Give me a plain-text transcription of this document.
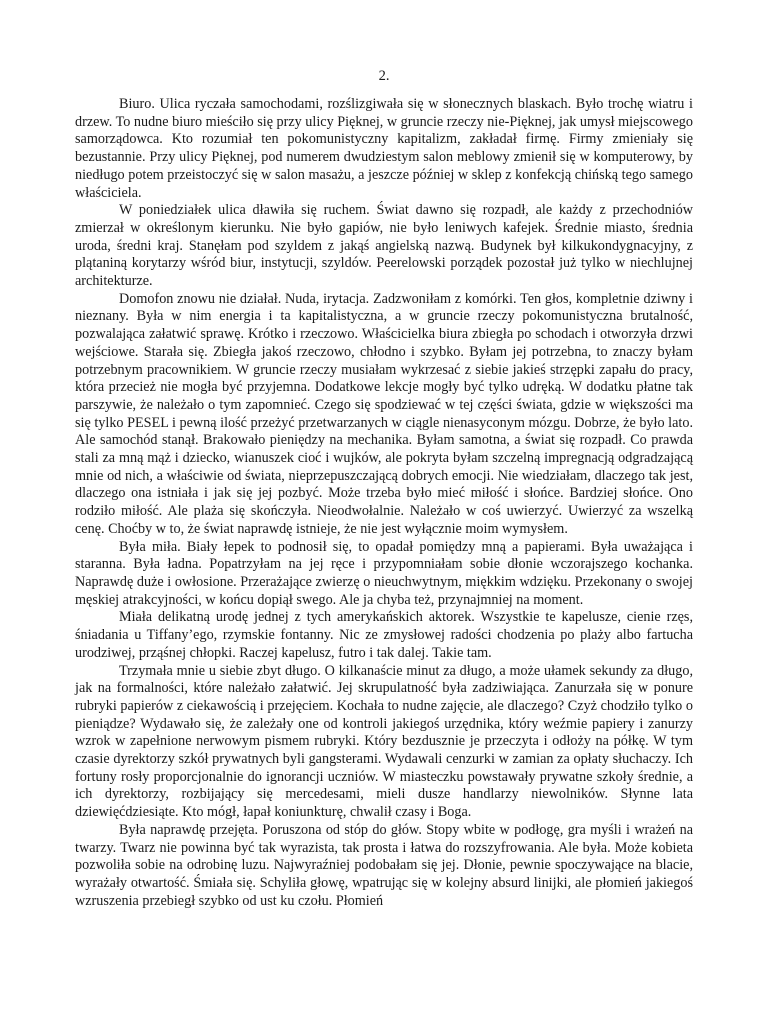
2.

Biuro. Ulica ryczała samochodami, rozślizgiwała się w słonecznych blaskach. Było trochę wiatru i drzew. To nudne biuro mieściło się przy ulicy Pięknej, w gruncie rzeczy nie-Pięknej, jak umysł miejscowego samorządowca. Kto rozumiał ten pokomunistyczny kapitalizm, zakładał firmę. Firmy zmieniały się bezustannie. Przy ulicy Pięknej, pod numerem dwudziestym salon meblowy zmienił się w komputerowy, by niedługo potem przeistoczyć się w salon masażu, a jeszcze później w sklep z konfekcją chińską tego samego właściciela.

W poniedziałek ulica dławiła się ruchem. Świat dawno się rozpadł, ale każdy z przechodniów zmierzał w określonym kierunku. Nie było gapiów, nie było leniwych kafejek. Średnie miasto, średnia uroda, średni kraj. Stanęłam pod szyldem z jakąś angielską nazwą. Budynek był kilkukondygnacyjny, z plątaniną korytarzy wśród biur, instytucji, szyldów. Peerelowski porządek pozostał już tylko w niechlujnej architekturze.

Domofon znowu nie działał. Nuda, irytacja. Zadzwoniłam z komórki. Ten głos, kompletnie dziwny i nieznany. Była w nim energia i ta kapitalistyczna, a w gruncie rzeczy pokomunistyczna brutalność, pozwalająca załatwić sprawę. Krótko i rzeczowo. Właścicielka biura zbiegła po schodach i otworzyła drzwi wejściowe. Starała się. Zbiegła jakoś rzeczowo, chłodno i szybko. Byłam jej potrzebna, to znaczy byłam potrzebnym pracownikiem. W gruncie rzeczy musiałam wykrzesać z siebie jakieś strzępki zapału do pracy, która przecież nie mogła być przyjemna. Dodatkowe lekcje mogły być tylko udręką. W dodatku płatne tak parszywie, że należało o tym zapomnieć. Czego się spodziewać w tej części świata, gdzie w większości ma się tylko PESEL i pewną ilość przeżyć przetwarzanych w ciągle nienasyconym mózgu. Dobrze, że było lato. Ale samochód stanął. Brakowało pieniędzy na mechanika. Byłam samotna, a świat się rozpadł. Co prawda stali za mną mąż i dziecko, wianuszek cioć i wujków, ale pokryta byłam szczelną impregnacją odgradzającą mnie od nich, a właściwie od świata, nieprzepuszczającą dobrych emocji. Nie wiedziałam, dlaczego tak jest, dlaczego ona istniała i jak się jej pozbyć. Może trzeba było mieć miłość i słońce. Bardziej słońce. Ono rodziło miłość. Ale plaża się skończyła. Nieodwołalnie. Należało w coś uwierzyć. Uwierzyć za wszelką cenę. Choćby w to, że świat naprawdę istnieje, że nie jest wyłącznie moim wymysłem.

Była miła. Biały łepek to podnosił się, to opadał pomiędzy mną a papierami. Była uważająca i staranna. Była ładna. Popatrzyłam na jej ręce i przypomniałam sobie dłonie wczorajszego kochanka. Naprawdę duże i owłosione. Przerażające zwierzę o nieuchwytnym, miękkim wdzięku. Przekonany o swojej męskiej atrakcyjności, w końcu dopiął swego. Ale ja chyba też, przynajmniej na moment.

Miała delikatną urodę jednej z tych amerykańskich aktorek. Wszystkie te kapelusze, cienie rzęs, śniadania u Tiffany’ego, rzymskie fontanny. Nic ze zmysłowej radości chodzenia po plaży albo fartucha urodziwej, prząśnej chłopki. Raczej kapelusz, futro i tak dalej. Takie tam.

Trzymała mnie u siebie zbyt długo. O kilkanaście minut za długo, a może ułamek sekundy za długo, jak na formalności, które należało załatwić. Jej skrupulatność była zadziwiająca. Zanurzała się w ponure rubryki papierów z ciekawością i przejęciem. Kochała to nudne zajęcie, ale dlaczego? Czyż chodziło tylko o pieniądze? Wydawało się, że zależały one od kontroli jakiegoś urzędnika, który weźmie papiery i zanurzy wzrok w zapełnione nerwowym pismem rubryki. Który bezdusznie je przeczyta i odłoży na półkę. W tym czasie dyrektorzy szkół prywatnych byli gangsterami. Wydawali cenzurki w zamian za opłaty słuchaczy. Ich fortuny rosły proporcjonalnie do ignorancji uczniów. W miasteczku powstawały prywatne szkoły średnie, a ich dyrektorzy, rozbijający się mercedesami, mieli dusze handlarzy niewolników. Słynne lata dziewięćdziesiąte. Kto mógł, łapał koniunkturę, chwalił czasy i Boga.

Była naprawdę przejęta. Poruszona od stóp do głów. Stopy wbite w podłogę, gra myśli i wrażeń na twarzy. Twarz nie powinna być tak wyrazista, tak prosta i łatwa do rozszyfrowania. Ale była. Może kobieta pozwoliła sobie na odrobinę luzu. Najwyraźniej podobałam się jej. Dłonie, pewnie spoczywające na blacie, wyrażały otwartość. Śmiała się. Schyliła głowę, wpatrując się w kolejny absurd linijki, ale płomień jakiegoś wzruszenia przebiegł szybko od ust ku czołu. Płomień
